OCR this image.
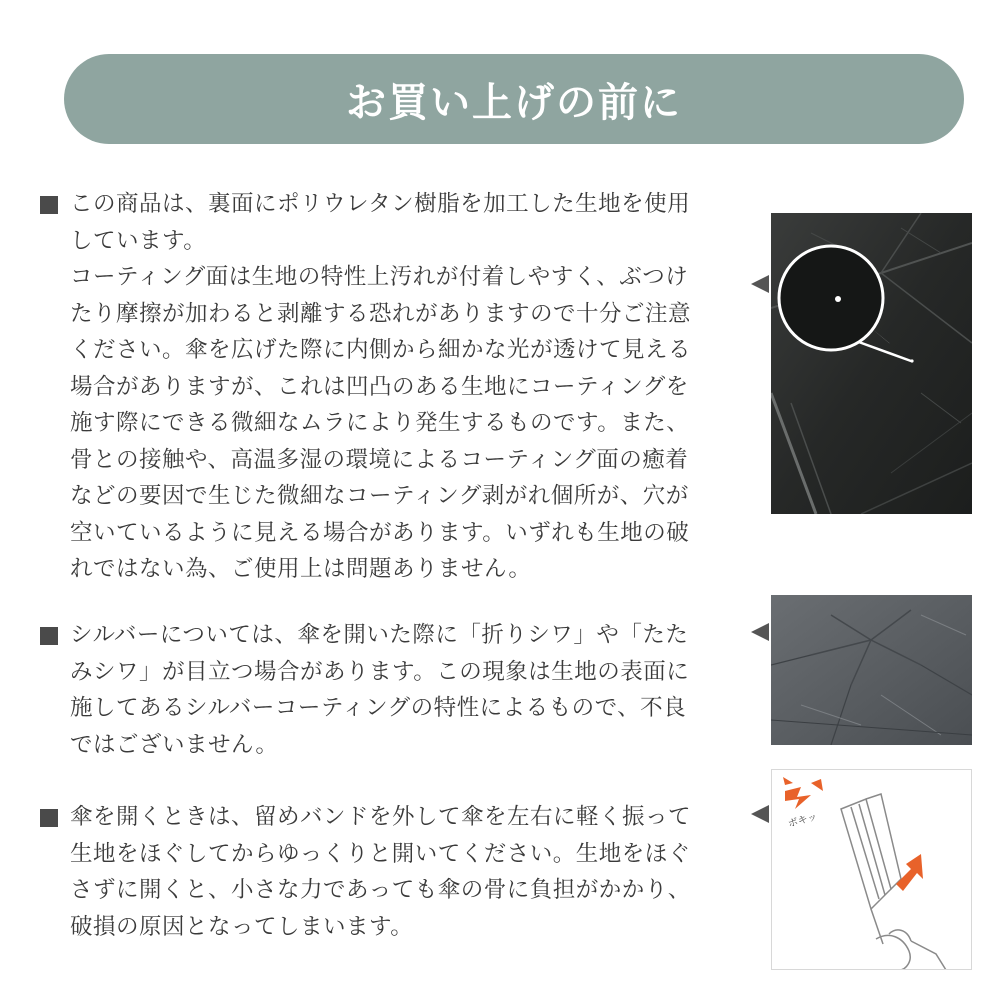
お買い上げの前に

この商品は、裏面にポリウレタン樹脂を加工した生地を使用

しています。

コーティング面は生地の特性上汚れが付着しやすく、ぶつけ

たり摩擦が加わると剥離する恐れがありますので十分ご注意

ください。傘を広げた際に内側から細かな光が透けて見える

場合がありますが、これは凹凸のある生地にコーティングを

施す際にできる微細なムラにより発生するものです。また、

骨との接触や、高温多湿の環境によるコーティング面の癒着

などの要因で生じた微細なコーティング剥がれ個所が、穴が

空いているように見える場合があります。いずれも生地の破

れではない為、ご使用上は問題ありません。

シルバーについては、傘を開いた際に「折りシワ」や「たた

みシワ」が目立つ場合があります。この現象は生地の表面に

施してあるシルバーコーティングの特性によるもので、不良

ではございません。

傘を開くときは、留めバンドを外して傘を左右に軽く振って

生地をほぐしてからゆっくりと開いてください。生地をほぐ

さずに開くと、小さな力であっても傘の骨に負担がかかり、

破損の原因となってしまいます。

ボキッ
